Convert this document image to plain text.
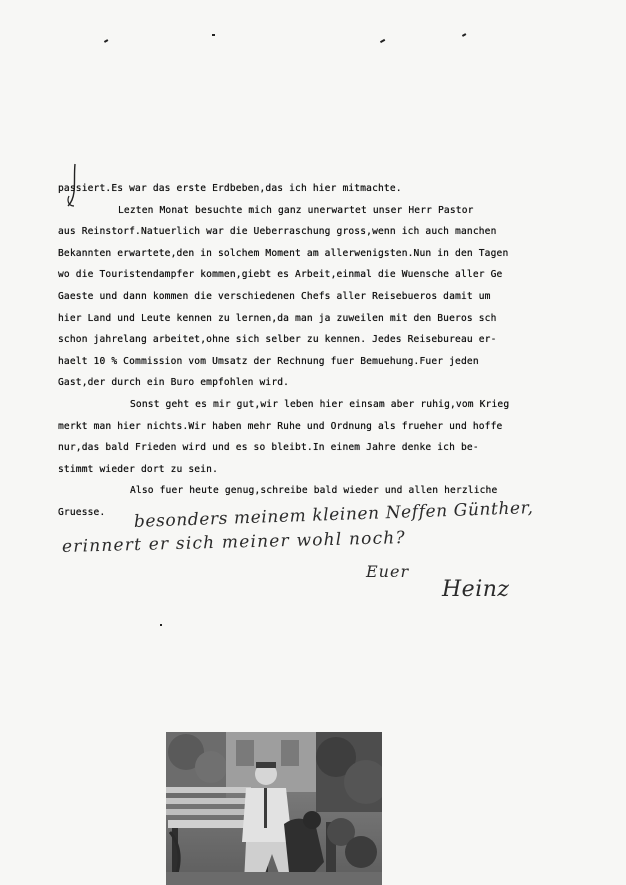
passiert.Es war das erste Erdbeben,das ich hier mitmachte.
Lezten Monat besuchte mich ganz unerwartet unser Herr Pastor
aus Reinstorf.Natuerlich war die Ueberraschung gross,wenn ich auch manchen
Bekannten erwartete,den in solchem Moment am allerwenigsten.Nun in den Tagen
wo die Touristendampfer kommen,giebt es Arbeit,einmal die Wuensche aller Ge
Gaeste und dann kommen die verschiedenen Chefs aller Reisebueros damit um
hier Land und Leute kennen zu lernen,da man ja zuweilen mit den Bueros sch
schon jahrelang arbeitet,ohne sich selber zu kennen. Jedes Reisebureau er-
haelt 10 % Commission vom Umsatz der Rechnung fuer Bemuehung.Fuer jeden
Gast,der durch ein Buro empfohlen wird.
Sonst geht es mir gut,wir leben hier einsam aber ruhig,vom Krieg
merkt man hier nichts.Wir haben mehr Ruhe und Ordnung als frueher und hoffe
nur,das bald Frieden wird und es so bleibt.In einem Jahre denke ich be-
stimmt wieder dort zu sein.
Also fuer heute genug,schreibe bald wieder und allen herzliche
Gruesse.	besonders meinem kleinen Neffen Günther,
erinnert er sich meiner wohl noch?
Euer
Heinz
